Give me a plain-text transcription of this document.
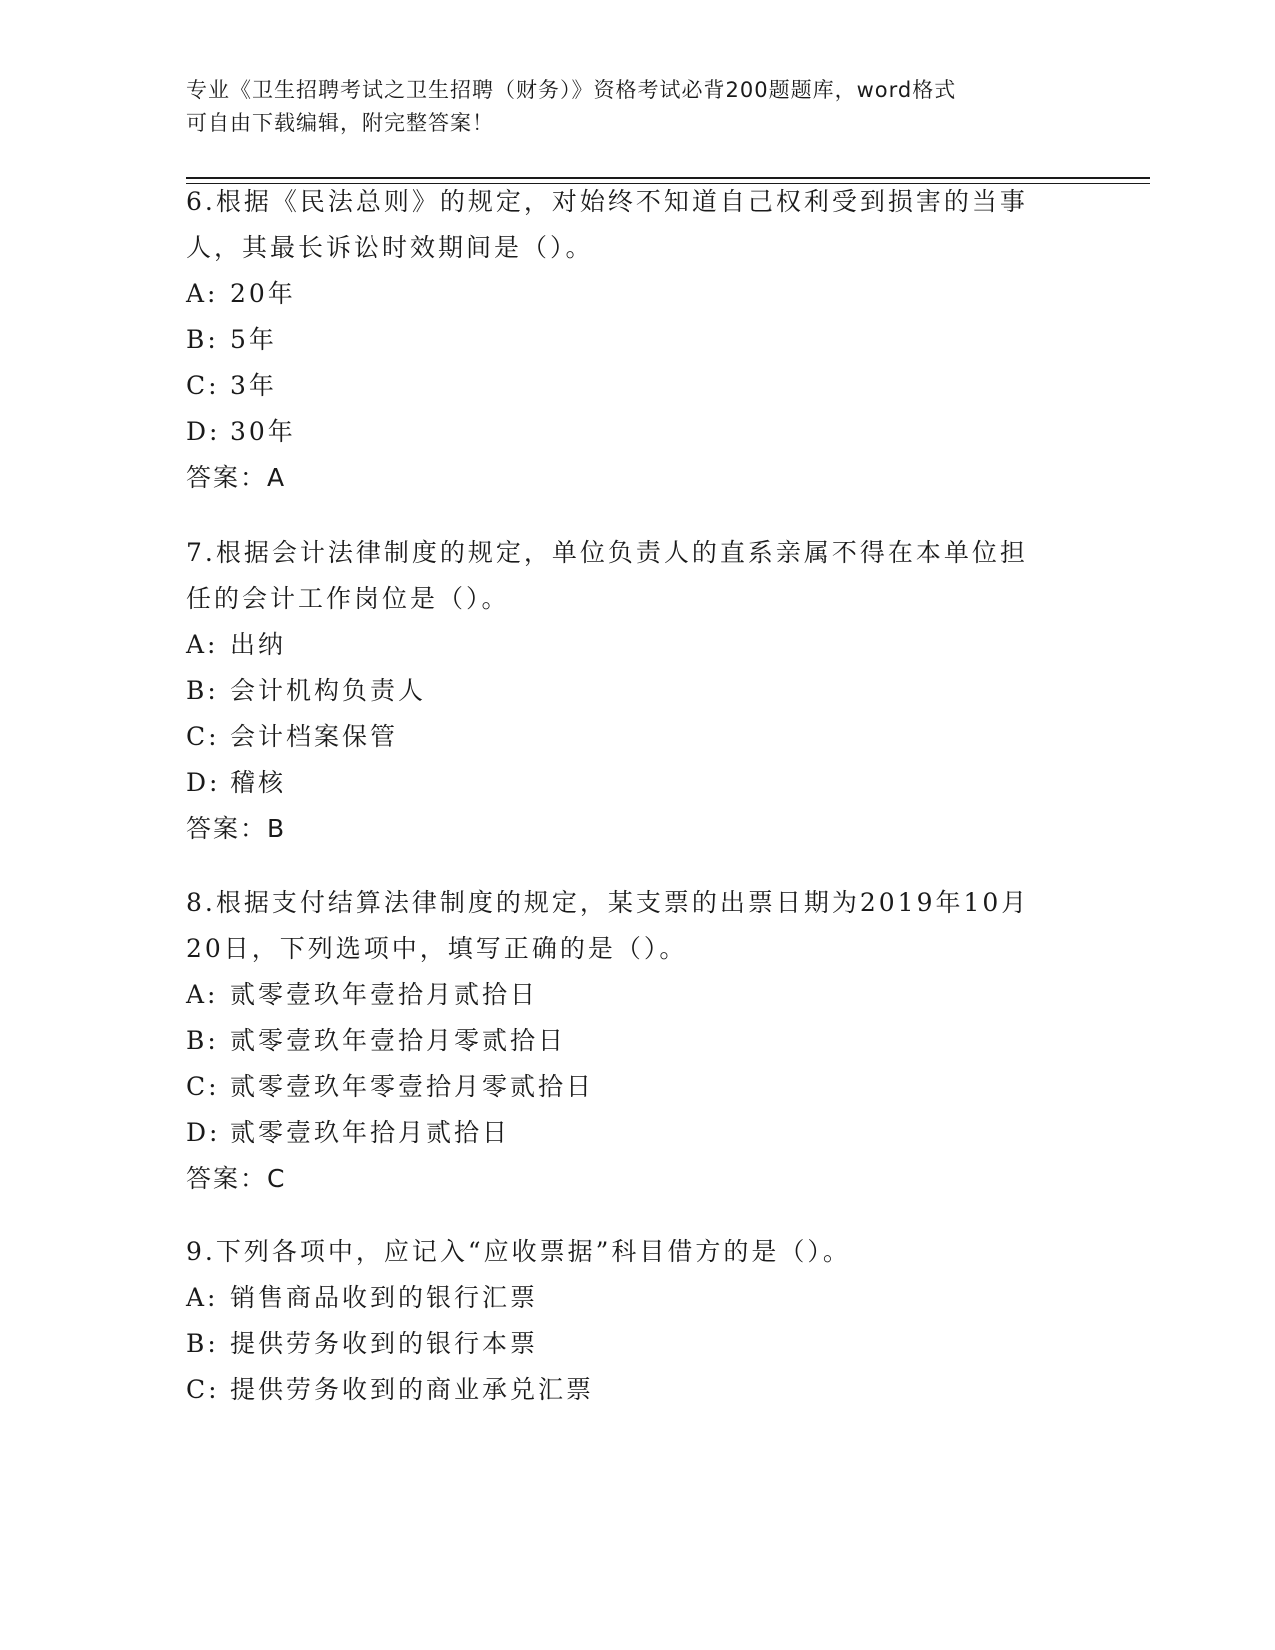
专业《卫生招聘考试之卫生招聘（财务）》资格考试必背200题题库，word格式
可自由下载编辑，附完整答案！

6.根据《民法总则》的规定，对始终不知道自己权利受到损害的当事

人，其最长诉讼时效期间是（）。

A: 20年

B: 5年

C: 3年

D: 30年

答案：A

7.根据会计法律制度的规定，单位负责人的直系亲属不得在本单位担

任的会计工作岗位是（）。

A: 出纳

B: 会计机构负责人

C: 会计档案保管

D: 稽核

答案：B

8.根据支付结算法律制度的规定，某支票的出票日期为2019年10月

20日，下列选项中，填写正确的是（）。

A: 贰零壹玖年壹拾月贰拾日

B: 贰零壹玖年壹拾月零贰拾日

C: 贰零壹玖年零壹拾月零贰拾日

D: 贰零壹玖年拾月贰拾日

答案：C

9.下列各项中，应记入“应收票据”科目借方的是（）。

A: 销售商品收到的银行汇票

B: 提供劳务收到的银行本票

C: 提供劳务收到的商业承兑汇票
